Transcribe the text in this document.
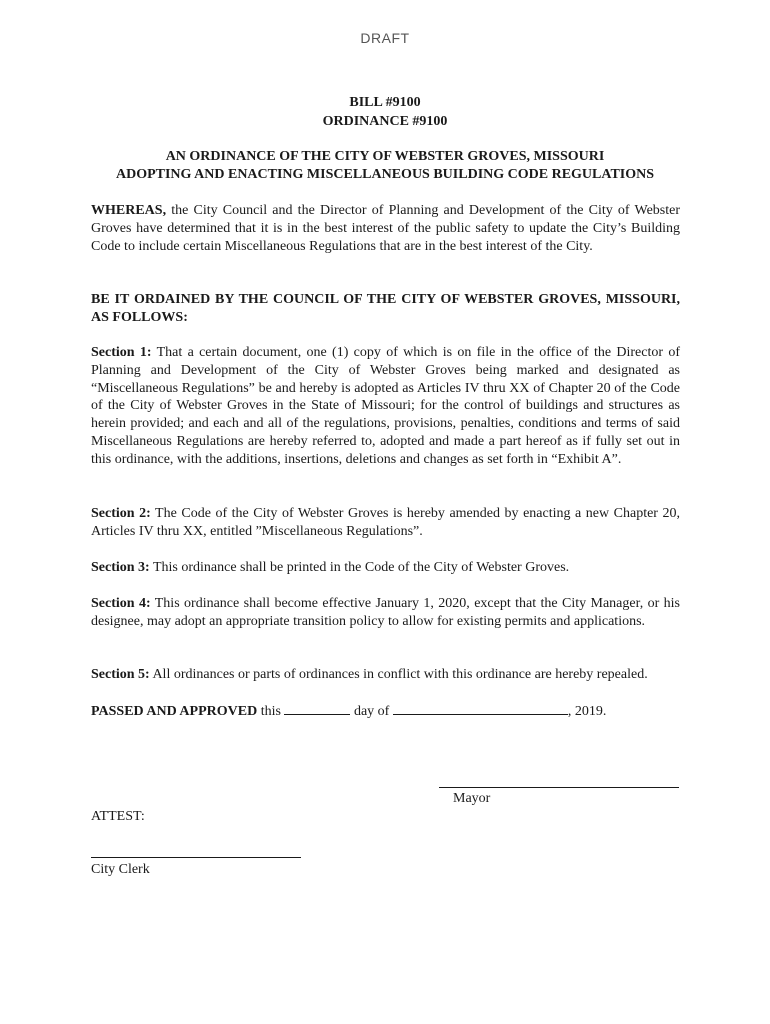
DRAFT
BILL #9100
ORDINANCE #9100
AN ORDINANCE OF THE CITY OF WEBSTER GROVES, MISSOURI
ADOPTING AND ENACTING MISCELLANEOUS BUILDING CODE REGULATIONS

WHEREAS, the City Council and the Director of Planning and Development of the City of Webster Groves have determined that it is in the best interest of the public safety to update the City’s Building Code to include certain Miscellaneous Regulations that are in the best interest of the City.

BE IT ORDAINED BY THE COUNCIL OF THE CITY OF WEBSTER GROVES, MISSOURI, AS FOLLOWS:

Section 1: That a certain document, one (1) copy of which is on file in the office of the Director of Planning and Development of the City of Webster Groves being marked and designated as “Miscellaneous Regulations” be and hereby is adopted as Articles IV thru XX of Chapter 20 of the Code of the City of Webster Groves in the State of Missouri; for the control of buildings and structures as herein provided; and each and all of the regulations, provisions, penalties, conditions and terms of said Miscellaneous Regulations are hereby referred to, adopted and made a part hereof as if fully set out in this ordinance, with the additions, insertions, deletions and changes as set forth in “Exhibit A”.

Section 2: The Code of the City of Webster Groves is hereby amended by enacting a new Chapter 20, Articles IV thru XX, entitled ”Miscellaneous Regulations”.

Section 3: This ordinance shall be printed in the Code of the City of Webster Groves.

Section 4: This ordinance shall become effective January 1, 2020, except that the City Manager, or his designee, may adopt an appropriate transition policy to allow for existing permits and applications.

Section 5: All ordinances or parts of ordinances in conflict with this ordinance are hereby repealed.

PASSED AND APPROVED this	day of	, 2019.

Mayor
ATTEST:
City Clerk
